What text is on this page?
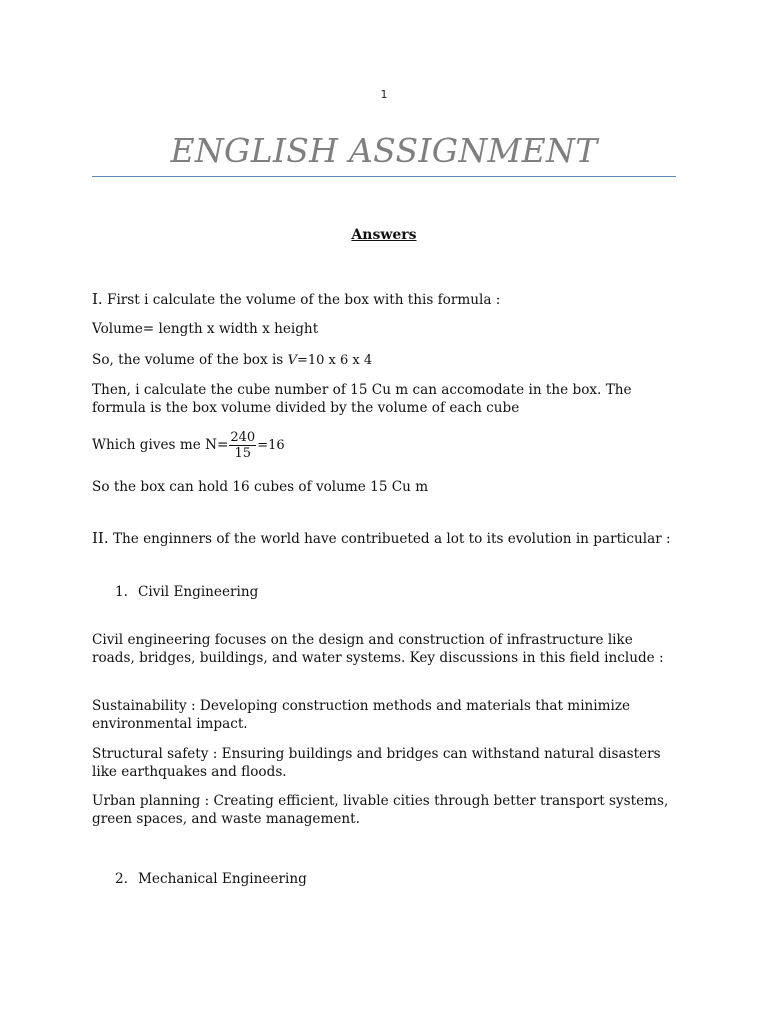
1
ENGLISH ASSIGNMENT
Answers
I. First i calculate the volume of the box with this formula :
Volume= length x width x height
So, the volume of the box is V=10 x 6 x 4
Then, i calculate the cube number of 15 Cu m can accomodate in the box. The formula is the box volume divided by the volume of each cube
Which gives me $N= \frac{240}{15} =16$
So the box can hold 16 cubes of volume 15 Cu m
II. The enginners of the world have contribueted a lot to its evolution in particular :
1. Civil Engineering
Civil engineering focuses on the design and construction of infrastructure like roads, bridges, buildings, and water systems. Key discussions in this field include :
Sustainability : Developing construction methods and materials that minimize environmental impact.
Structural safety : Ensuring buildings and bridges can withstand natural disasters like earthquakes and floods.
Urban planning : Creating efficient, livable cities through better transport systems, green spaces, and waste management.
2. Mechanical Engineering
